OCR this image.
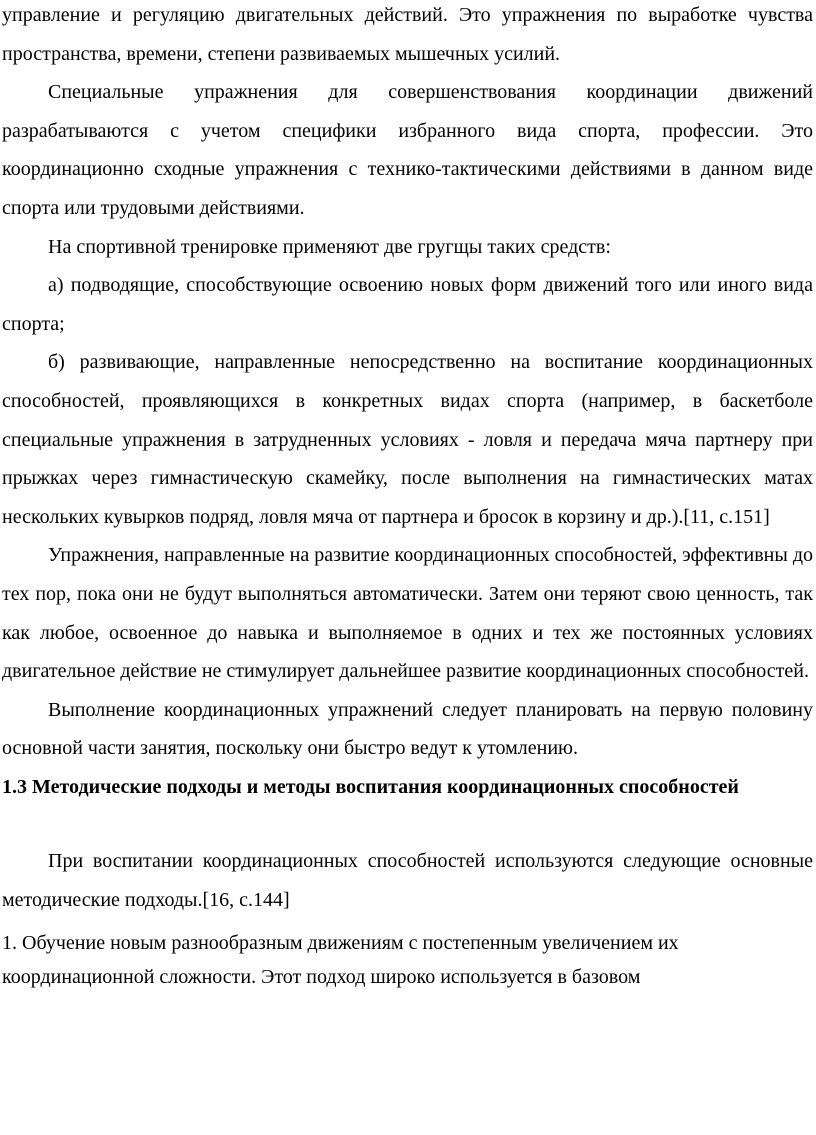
управление и регуляцию двигательных действий. Это упражнения по выработке чувства пространства, времени, степени развиваемых мышечных усилий.

Специальные упражнения для совершенствования координации движений разрабатываются с учетом специфики избранного вида спорта, профессии. Это координационно сходные упражнения с технико-тактическими действиями в данном виде спорта или трудовыми действиями.

На спортивной тренировке применяют две гругщы таких средств:

а) подводящие, способствующие освоению новых форм движений того или иного вида спорта;

б) развивающие, направленные непосредственно на воспитание координационных способностей, проявляющихся в конкретных видах спорта (например, в баскетболе специальные упражнения в затрудненных условиях - ловля и передача мяча партнеру при прыжках через гимнастическую скамейку, после выполнения на гимнастических матах нескольких кувырков подряд, ловля мяча от партнера и бросок в корзину и др.).[11, с.151]

Упражнения, направленные на развитие координационных способностей, эффективны до тех пор, пока они не будут выполняться автоматически. Затем они теряют свою ценность, так как любое, освоенное до навыка и выполняемое в одних и тех же постоянных условиях двигательное действие не стимулирует дальнейшее развитие координационных способностей.

Выполнение координационных упражнений следует планировать на первую половину основной части занятия, поскольку они быстро ведут к утомлению.

1.3 Методические подходы и методы воспитания координационных способностей

При воспитании координационных способностей используются следующие основные методические подходы.[16, с.144]

1. Обучение новым разнообразным движениям с постепенным увеличением их координационной сложности. Этот подход широко используется в базовом
